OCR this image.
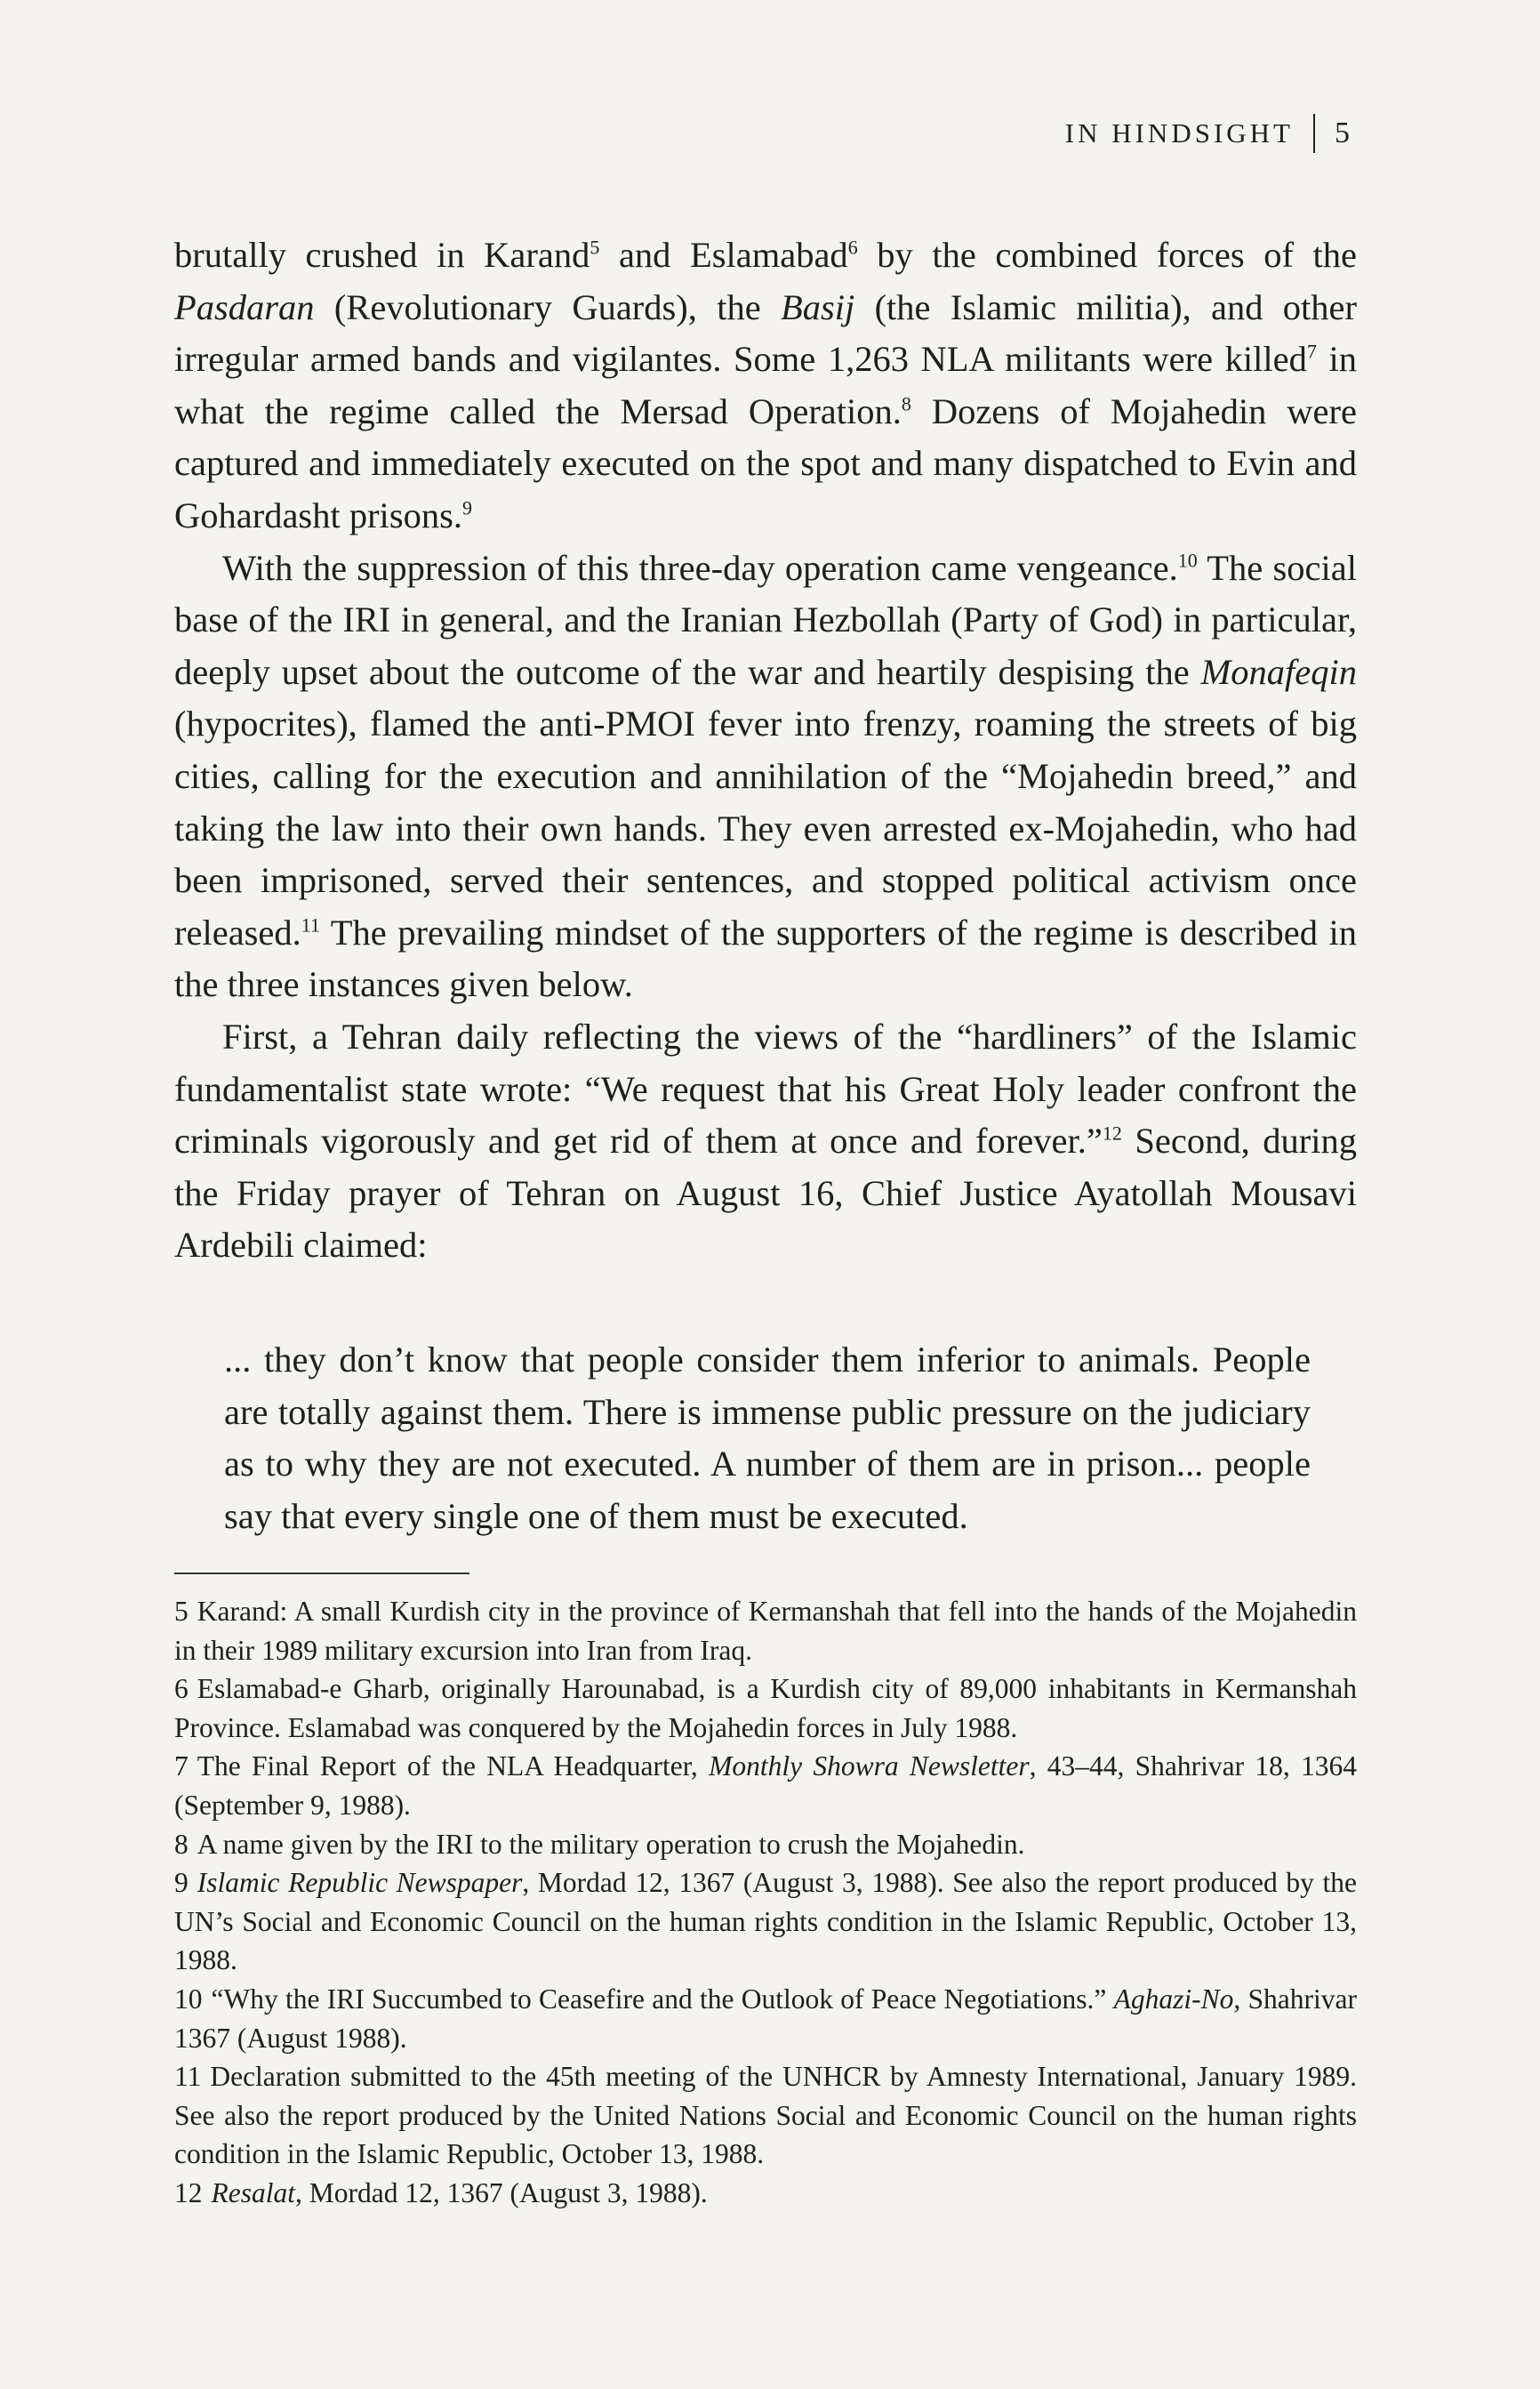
IN HINDSIGHT 5

brutally crushed in Karand$^5$ and Eslamabad$^6$ by the combined forces of the Pasdaran (Revolutionary Guards), the Basij (the Islamic militia), and other irregular armed bands and vigilantes. Some 1,263 NLA militants were killed$^7$ in what the regime called the Mersad Operation.$^8$ Dozens of Mojahedin were captured and immediately executed on the spot and many dispatched to Evin and Gohardasht prisons.$^9$

With the suppression of this three-day operation came vengeance.$^{10}$ The social base of the IRI in general, and the Iranian Hezbollah (Party of God) in particular, deeply upset about the outcome of the war and heartily despising the Monafeqin (hypocrites), flamed the anti-PMOI fever into frenzy, roaming the streets of big cities, calling for the execution and annihilation of the “Mojahedin breed,” and taking the law into their own hands. They even arrested ex-Mojahedin, who had been imprisoned, served their sentences, and stopped political activism once released.$^{11}$ The prevailing mindset of the supporters of the regime is described in the three instances given below.

First, a Tehran daily reflecting the views of the “hardliners” of the Islamic fundamentalist state wrote: “We request that his Great Holy leader confront the criminals vigorously and get rid of them at once and forever.”$^{12}$ Second, during the Friday prayer of Tehran on August 16, Chief Justice Ayatollah Mousavi Ardebili claimed:

... they don’t know that people consider them inferior to animals. People are totally against them. There is immense public pressure on the judiciary as to why they are not executed. A number of them are in prison... people say that every single one of them must be executed.

5 Karand: A small Kurdish city in the province of Kermanshah that fell into the hands of the Mojahedin in their 1989 military excursion into Iran from Iraq.

6 Eslamabad-e Gharb, originally Harounabad, is a Kurdish city of 89,000 inhabitants in Kermanshah Province. Eslamabad was conquered by the Mojahedin forces in July 1988.

7 The Final Report of the NLA Headquarter, Monthly Showra Newsletter, 43–44, Shahrivar 18, 1364 (September 9, 1988).

8 A name given by the IRI to the military operation to crush the Mojahedin.

9 Islamic Republic Newspaper, Mordad 12, 1367 (August 3, 1988). See also the report produced by the UN’s Social and Economic Council on the human rights condition in the Islamic Republic, October 13, 1988.

10 “Why the IRI Succumbed to Ceasefire and the Outlook of Peace Negotiations.” Aghazi-No, Shahrivar 1367 (August 1988).

11 Declaration submitted to the 45th meeting of the UNHCR by Amnesty International, January 1989. See also the report produced by the United Nations Social and Economic Council on the human rights condition in the Islamic Republic, October 13, 1988.

12 Resalat, Mordad 12, 1367 (August 3, 1988).
